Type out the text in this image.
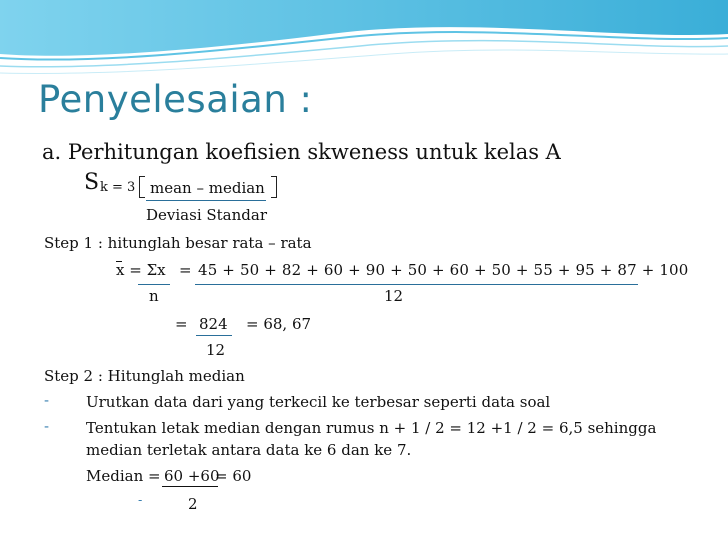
Penyelesaian :
a. Perhitungan koefisien skweness untuk kelas A
S k = 3 mean – median
Deviasi Standar
Step 1 : hitunglah besar rata – rata
x = Σx = 45 + 50 + 82 + 60 + 90 + 50 + 60 + 50 + 55 + 95 + 87 + 100
n	12
= 824 = 68, 67
12
Step 2 : Hitunglah median
- Urutkan data dari yang terkecil ke terbesar seperti data soal
- Tentukan letak median dengan rumus n + 1 / 2 = 12 +1 / 2 = 6,5 sehingga
median terletak antara data ke 6 dan ke 7.
Median = 60 +60
= 60
-	2
